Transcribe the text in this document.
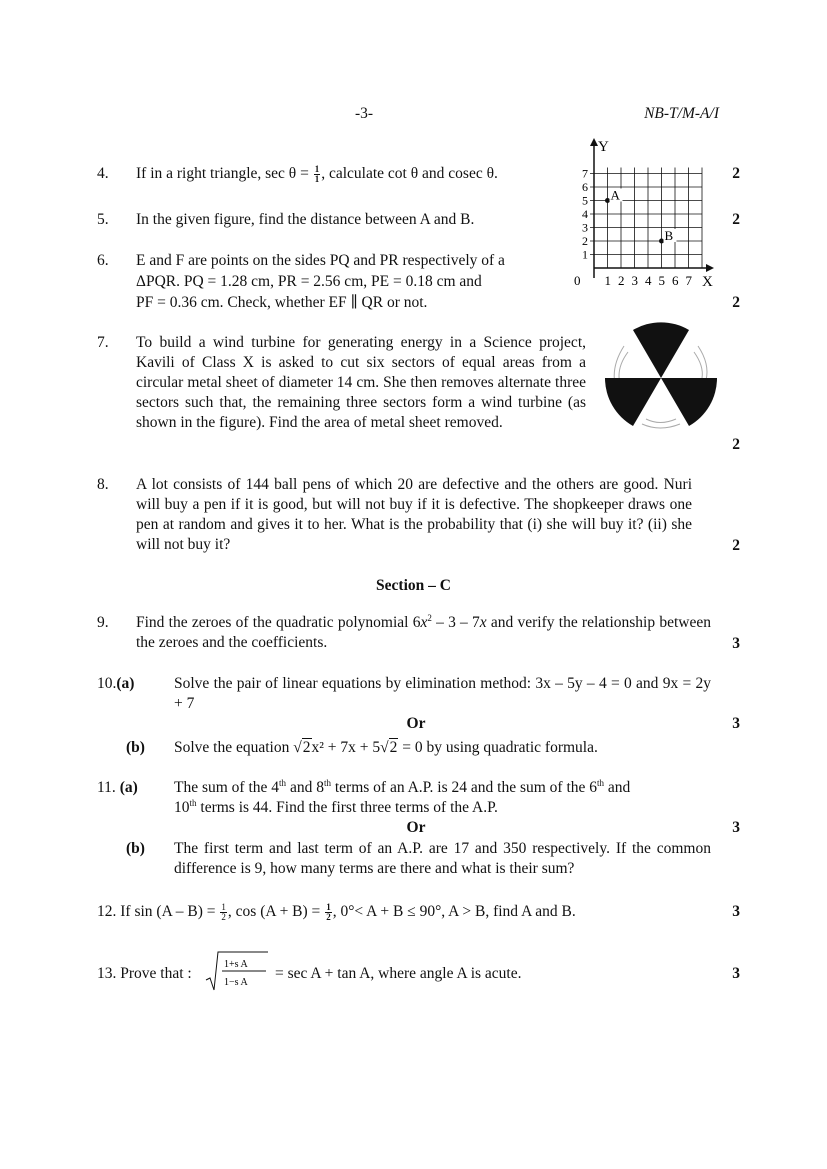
-3-	NB-T/M-A/I
7
6
5
4
3
2
1
0 1 2 3 4 5 6 7
Y
X
A
B
4. If in a right triangle, $\sec \theta = \frac{1}{1}$ , calculate cot θ and cosec θ.	2
5. In the given figure, find the distance between A and B.	2
6. E and F are points on the sides PQ and PR respectively of a
ΔPQR. PQ = 1.28 cm, PR = 2.56 cm, PE = 0.18 cm and
PF = 0.36 cm. Check, whether EF ∥ QR or not.	2
7. To build a wind turbine for generating energy in a Science project, Kavili of Class X is asked to cut six sectors of equal areas from a circular metal sheet of diameter 14 cm. She then removes alternate three sectors such that, the remaining three sectors form a wind turbine (as shown in the figure). Find the area of metal sheet removed.
2
8. A lot consists of 144 ball pens of which 20 are defective and the others are good. Nuri will buy a pen if it is good, but will not buy if it is defective. The shopkeeper draws one pen at random and gives it to her. What is the probability that (i) she will buy it? (ii) she will not buy it?	2
Section – C
9. Find the zeroes of the quadratic polynomial $6x^2 - 3 - 7x$ and verify the relationship between the zeroes and the coefficients.	3
10.(a)	Solve the pair of linear equations by elimination method: 3x – 5y – 4 = 0 and 9x = 2y + 7
Or	3
(b) Solve the equation √2x² + 7x + 5√2 = 0 by using quadratic formula.
11. (a) The sum of the 4th and 8th terms of an A.P. is 24 and the sum of the 6th and
10th terms is 44. Find the first three terms of the A.P.
Or	3
(b) The first term and last term of an A.P. are 17 and 350 respectively. If the common difference is 9, how many terms are there and what is their sum?
12. If $\sin (A - B) = \frac{1}{2}$ , $\cos (A + B) = \frac{1}{2}$ , 0°< A + B ≤ 90°, A > B, find A and B.	3
13. Prove that :
1+s A
1−s A
= sec A + tan A, where angle A is acute.	3
